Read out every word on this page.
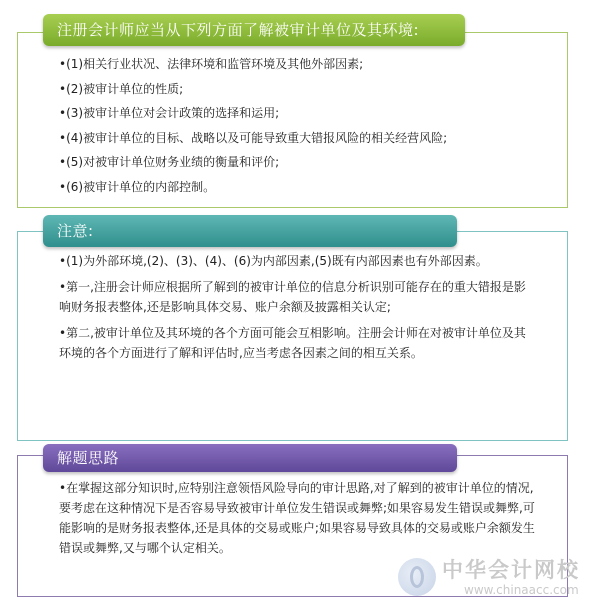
注册会计师应当从下列方面了解被审计单位及其环境:
•(1)相关行业状况、法律环境和监管环境及其他外部因素;
•(2)被审计单位的性质;
•(3)被审计单位对会计政策的选择和运用;
•(4)被审计单位的目标、战略以及可能导致重大错报风险的相关经营风险;
•(5)对被审计单位财务业绩的衡量和评价;
•(6)被审计单位的内部控制。
注意:
•(1)为外部环境,(2)、(3)、(4)、(6)为内部因素,(5)既有内部因素也有外部因素。
•第一,注册会计师应根据所了解到的被审计单位的信息分析识别可能存在的重大错报是影响财务报表整体,还是影响具体交易、账户余额及披露相关认定;
•第二,被审计单位及其环境的各个方面可能会互相影响。注册会计师在对被审计单位及其环境的各个方面进行了解和评估时,应当考虑各因素之间的相互关系。
解题思路
•在掌握这部分知识时,应特别注意领悟风险导向的审计思路,对了解到的被审计单位的情况,要考虑在这种情况下是否容易导致被审计单位发生错误或舞弊;如果容易发生错误或舞弊,可能影响的是财务报表整体,还是具体的交易或账户;如果容易导致具体的交易或账户余额发生错误或舞弊,又与哪个认定相关。
中华会计网校
www.chinaacc.com
